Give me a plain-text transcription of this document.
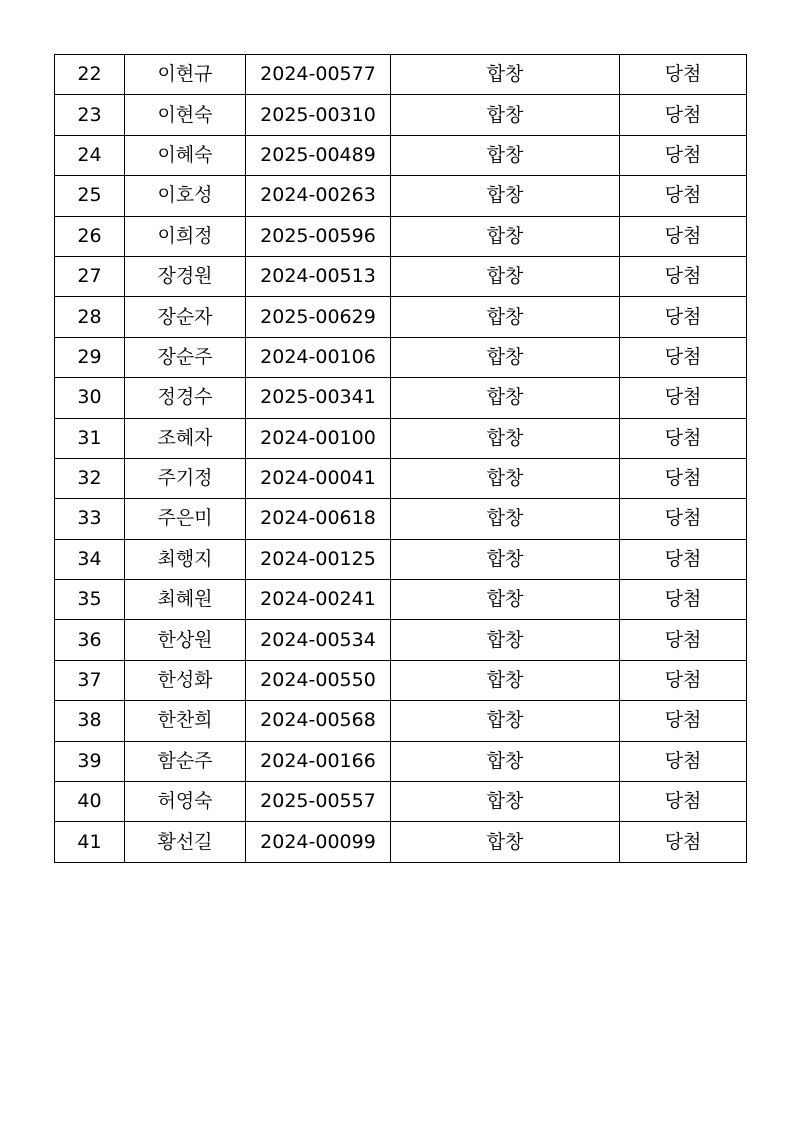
22	이현규	2024-00577	합창	당첨
23	이현숙	2025-00310	합창	당첨
24	이혜숙	2025-00489	합창	당첨
25	이호성	2024-00263	합창	당첨
26	이희정	2025-00596	합창	당첨
27	장경원	2024-00513	합창	당첨
28	장순자	2025-00629	합창	당첨
29	장순주	2024-00106	합창	당첨
30	정경수	2025-00341	합창	당첨
31	조혜자	2024-00100	합창	당첨
32	주기정	2024-00041	합창	당첨
33	주은미	2024-00618	합창	당첨
34	최행지	2024-00125	합창	당첨
35	최혜원	2024-00241	합창	당첨
36	한상원	2024-00534	합창	당첨
37	한성화	2024-00550	합창	당첨
38	한찬희	2024-00568	합창	당첨
39	함순주	2024-00166	합창	당첨
40	허영숙	2025-00557	합창	당첨
41	황선길	2024-00099	합창	당첨
